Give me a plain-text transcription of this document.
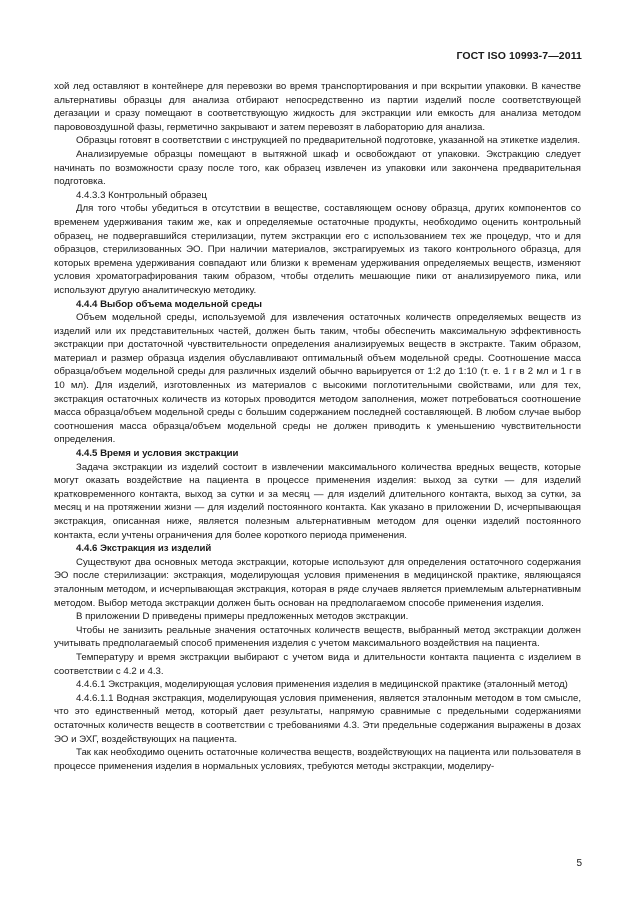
ГОСТ ISO 10993-7—2011

хой лед оставляют в контейнере для перевозки во время транспортирования и при вскрытии упаковки. В качестве альтернативы образцы для анализа отбирают непосредственно из партии изделий после соответствующей дегазации и сразу помещают в соответствующую жидкость для экстракции или емкость для анализа методом парововоздушной фазы, герметично закрывают и затем перевозят в лабораторию для анализа.

Образцы готовят в соответствии с инструкцией по предварительной подготовке, указанной на этикетке изделия.

Анализируемые образцы помещают в вытяжной шкаф и освобождают от упаковки. Экстракцию следует начинать по возможности сразу после того, как образец извлечен из упаковки или закончена предварительная подготовка.

4.4.3.3 Контрольный образец

Для того чтобы убедиться в отсутствии в веществе, составляющем основу образца, других компонентов со временем удерживания таким же, как и определяемые остаточные продукты, необходимо оценить контрольный образец, не подвергавшийся стерилизации, путем экстракции его с использованием тех же процедур, что и для образцов, стерилизованных ЭО. При наличии материалов, экстрагируемых из такого контрольного образца, для которых времена удерживания совпадают или близки к временам удерживания определяемых веществ, изменяют условия хроматографирования таким образом, чтобы отделить мешающие пики от анализируемого пика, или используют другую аналитическую методику.

4.4.4 Выбор объема модельной среды

Объем модельной среды, используемой для извлечения остаточных количеств определяемых веществ из изделий или их представительных частей, должен быть таким, чтобы обеспечить максимальную эффективность экстракции при достаточной чувствительности определения анализируемых веществ в экстракте. Таким образом, материал и размер образца изделия обуславливают оптимальный объем модельной среды. Соотношение масса образца/объем модельной среды для различных изделий обычно варьируется от 1:2 до 1:10 (т. е. 1 г в 2 мл и 1 г в 10 мл). Для изделий, изготовленных из материалов с высокими поглотительными свойствами, или для тех, экстракция остаточных количеств из которых проводится методом заполнения, может потребоваться соотношение масса образца/объем модельной среды с большим содержанием последней составляющей. В любом случае выбор соотношения масса образца/объем модельной среды не должен приводить к уменьшению чувствительности определения.

4.4.5 Время и условия экстракции

Задача экстракции из изделий состоит в извлечении максимального количества вредных веществ, которые могут оказать воздействие на пациента в процессе применения изделия: выход за сутки — для изделий кратковременного контакта, выход за сутки и за месяц — для изделий длительного контакта, выход за сутки, за месяц и на протяжении жизни — для изделий постоянного контакта. Как указано в приложении D, исчерпывающая экстракция, описанная ниже, является полезным альтернативным методом для оценки изделий постоянного контакта, если учтены ограничения для более короткого периода применения.

4.4.6 Экстракция из изделий

Существуют два основных метода экстракции, которые используют для определения остаточного содержания ЭО после стерилизации: экстракция, моделирующая условия применения в медицинской практике, являющаяся эталонным методом, и исчерпывающая экстракция, которая в ряде случаев является приемлемым альтернативным методом. Выбор метода экстракции должен быть основан на предполагаемом способе применения изделия.

В приложении D приведены примеры предложенных методов экстракции.

Чтобы не занизить реальные значения остаточных количеств веществ, выбранный метод экстракции должен учитывать предполагаемый способ применения изделия с учетом максимального воздействия на пациента.

Температуру и время экстракции выбирают с учетом вида и длительности контакта пациента с изделием в соответствии с 4.2 и 4.3.

4.4.6.1 Экстракция, моделирующая условия применения изделия в медицинской практике (эталонный метод)

4.4.6.1.1 Водная экстракция, моделирующая условия применения, является эталонным методом в том смысле, что это единственный метод, который дает результаты, напрямую сравнимые с предельными содержаниями остаточных количеств веществ в соответствии с требованиями 4.3. Эти предельные содержания выражены в дозах ЭО и ЭХГ, воздействующих на пациента.

Так как необходимо оценить остаточные количества веществ, воздействующих на пациента или пользователя в процессе применения изделия в нормальных условиях, требуются методы экстракции, моделиру-

5
